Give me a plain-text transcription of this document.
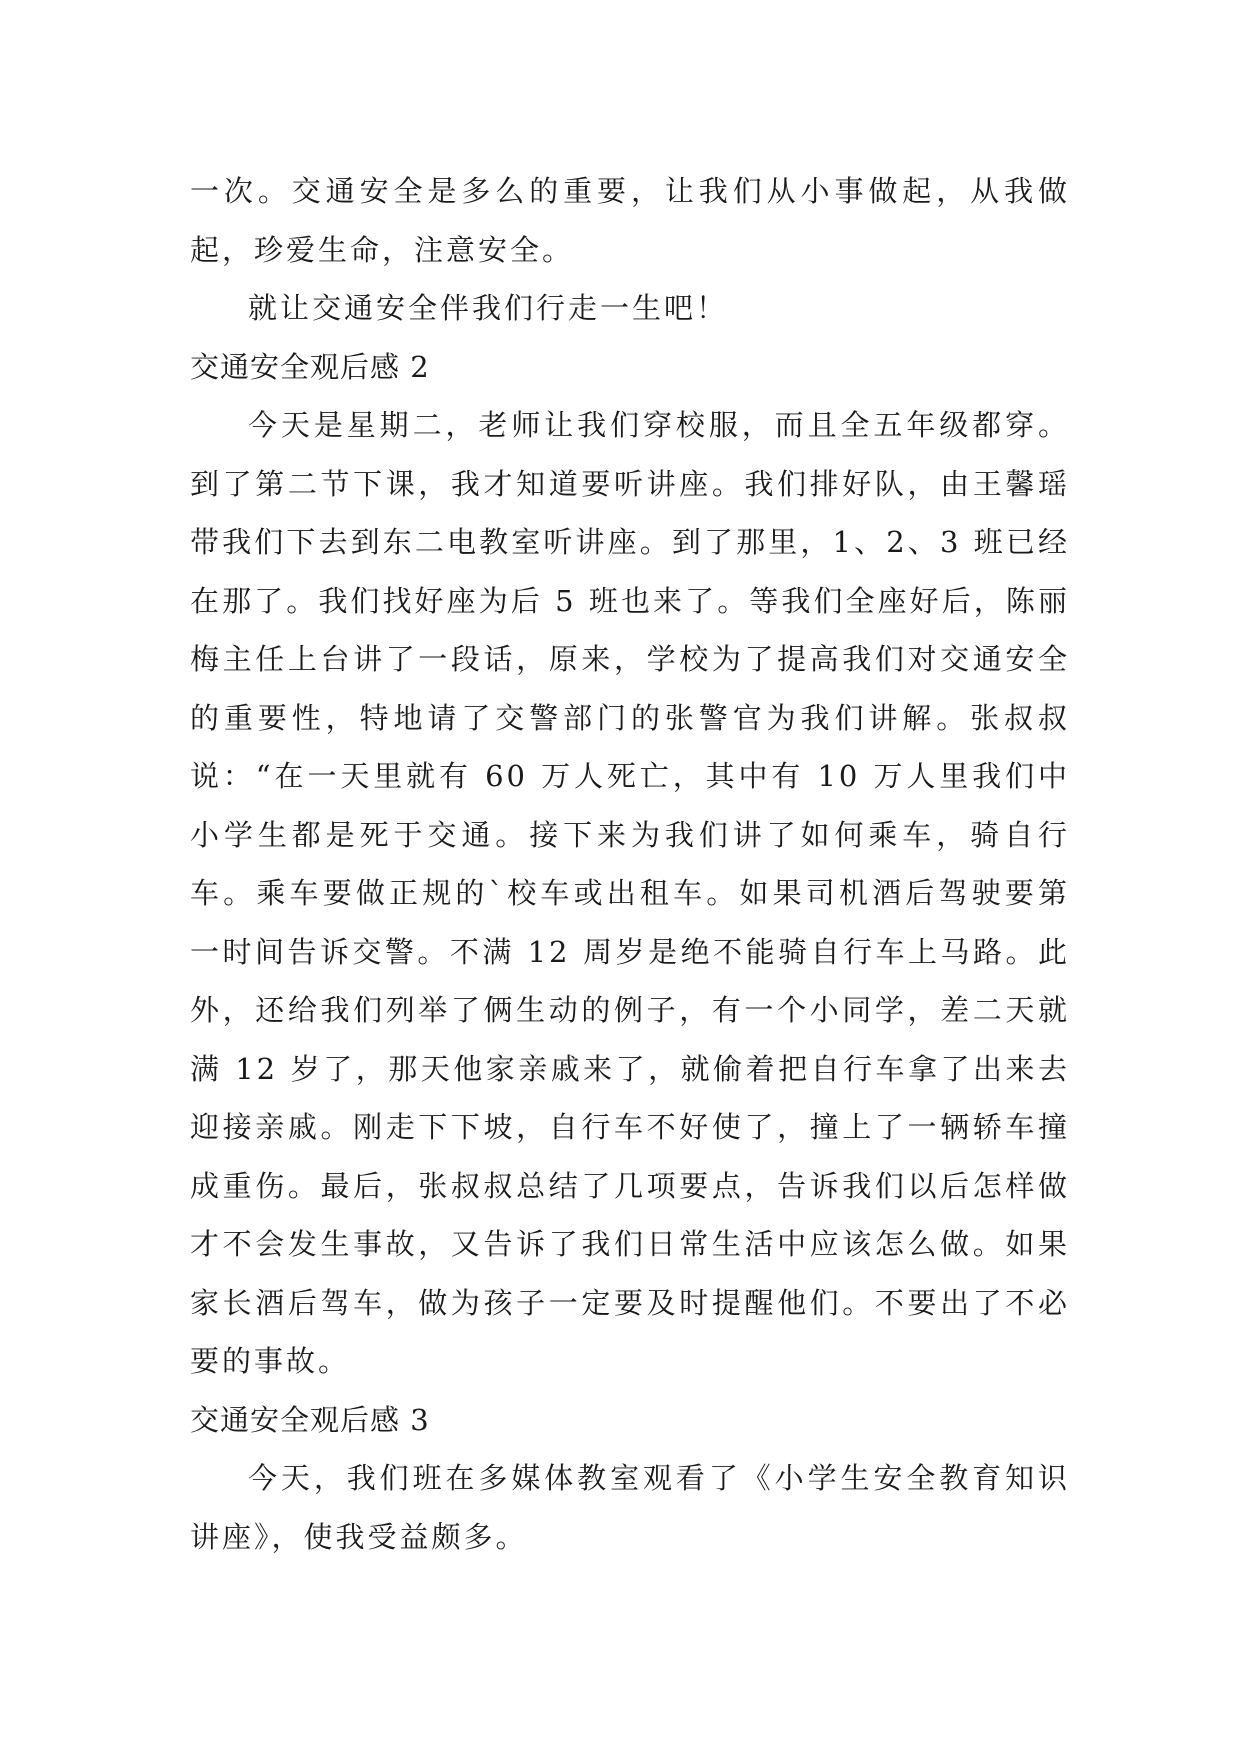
一次。交通安全是多么的重要，让我们从小事做起，从我做起，珍爱生命，注意安全。

就让交通安全伴我们行走一生吧！

交通安全观后感 2

今天是星期二，老师让我们穿校服，而且全五年级都穿。到了第二节下课，我才知道要听讲座。我们排好队，由王馨瑶带我们下去到东二电教室听讲座。到了那里，1、2、3 班已经在那了。我们找好座为后 5 班也来了。等我们全座好后，陈丽梅主任上台讲了一段话，原来，学校为了提高我们对交通安全的重要性，特地请了交警部门的张警官为我们讲解。张叔叔说：“在一天里就有 60 万人死亡，其中有 10 万人里我们中小学生都是死于交通。接下来为我们讲了如何乘车，骑自行车。乘车要做正规的`校车或出租车。如果司机酒后驾驶要第一时间告诉交警。不满 12 周岁是绝不能骑自行车上马路。此外，还给我们列举了俩生动的例子，有一个小同学，差二天就满 12 岁了，那天他家亲戚来了，就偷着把自行车拿了出来去迎接亲戚。刚走下下坡，自行车不好使了，撞上了一辆轿车撞成重伤。最后，张叔叔总结了几项要点，告诉我们以后怎样做才不会发生事故，又告诉了我们日常生活中应该怎么做。如果家长酒后驾车，做为孩子一定要及时提醒他们。不要出了不必要的事故。

交通安全观后感 3

今天，我们班在多媒体教室观看了《小学生安全教育知识讲座》，使我受益颇多。
